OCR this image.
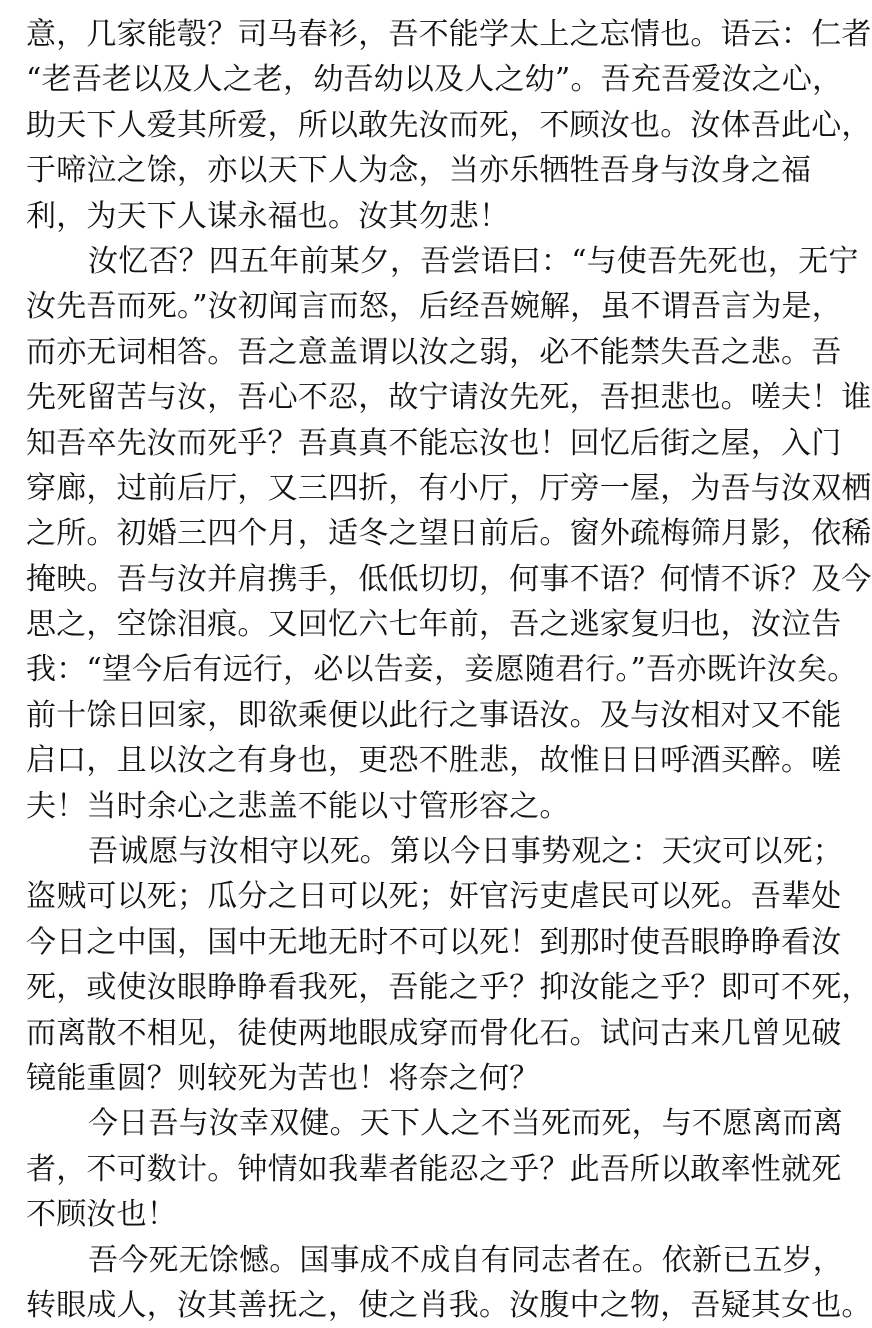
意，几家能彀？司马春衫，吾不能学太上之忘情也。语云：仁者
“老吾老以及人之老，幼吾幼以及人之幼”。吾充吾爱汝之心，
助天下人爱其所爱，所以敢先汝而死，不顾汝也。汝体吾此心，
于啼泣之馀，亦以天下人为念，当亦乐牺牲吾身与汝身之福
利，为天下人谋永福也。汝其勿悲！
汝忆否？四五年前某夕，吾尝语曰：“与使吾先死也，无宁
汝先吾而死。”汝初闻言而怒，后经吾婉解，虽不谓吾言为是，
而亦无词相答。吾之意盖谓以汝之弱，必不能禁失吾之悲。吾
先死留苦与汝，吾心不忍，故宁请汝先死，吾担悲也。嗟夫！谁
知吾卒先汝而死乎？吾真真不能忘汝也！回忆后街之屋，入门
穿廊，过前后厅，又三四折，有小厅，厅旁一屋，为吾与汝双栖
之所。初婚三四个月，适冬之望日前后。窗外疏梅筛月影，依稀
掩映。吾与汝并肩携手，低低切切，何事不语？何情不诉？及今
思之，空馀泪痕。又回忆六七年前，吾之逃家复归也，汝泣告
我：“望今后有远行，必以告妾，妾愿随君行。”吾亦既许汝矣。
前十馀日回家，即欲乘便以此行之事语汝。及与汝相对又不能
启口，且以汝之有身也，更恐不胜悲，故惟日日呼酒买醉。嗟
夫！当时余心之悲盖不能以寸管形容之。
吾诚愿与汝相守以死。第以今日事势观之：天灾可以死；
盗贼可以死；瓜分之日可以死；奸官污吏虐民可以死。吾辈处
今日之中国，国中无地无时不可以死！到那时使吾眼睁睁看汝
死，或使汝眼睁睁看我死，吾能之乎？抑汝能之乎？即可不死，
而离散不相见，徒使两地眼成穿而骨化石。试问古来几曾见破
镜能重圆？则较死为苦也！将奈之何？
今日吾与汝幸双健。天下人之不当死而死，与不愿离而离
者，不可数计。钟情如我辈者能忍之乎？此吾所以敢率性就死
不顾汝也！
吾今死无馀憾。国事成不成自有同志者在。依新已五岁，
转眼成人，汝其善抚之，使之肖我。汝腹中之物，吾疑其女也。
